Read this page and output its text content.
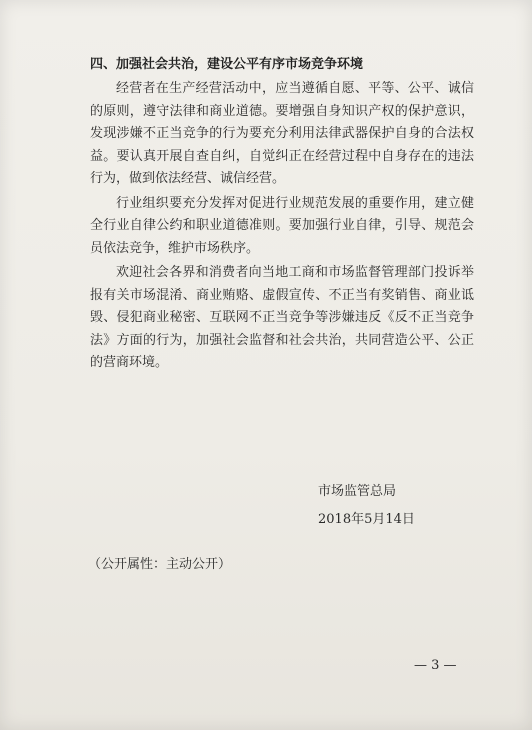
四、加强社会共治，建设公平有序市场竞争环境

经营者在生产经营活动中，应当遵循自愿、平等、公平、诚信的原则，遵守法律和商业道德。要增强自身知识产权的保护意识，发现涉嫌不正当竞争的行为要充分利用法律武器保护自身的合法权益。要认真开展自查自纠，自觉纠正在经营过程中自身存在的违法行为，做到依法经营、诚信经营。

行业组织要充分发挥对促进行业规范发展的重要作用，建立健全行业自律公约和职业道德准则。要加强行业自律，引导、规范会员依法竞争，维护市场秩序。

欢迎社会各界和消费者向当地工商和市场监督管理部门投诉举报有关市场混淆、商业贿赂、虚假宣传、不正当有奖销售、商业诋毁、侵犯商业秘密、互联网不正当竞争等涉嫌违反《反不正当竞争法》方面的行为，加强社会监督和社会共治，共同营造公平、公正的营商环境。

市场监管总局
2018年5月14日
（公开属性：主动公开）
— 3 —
